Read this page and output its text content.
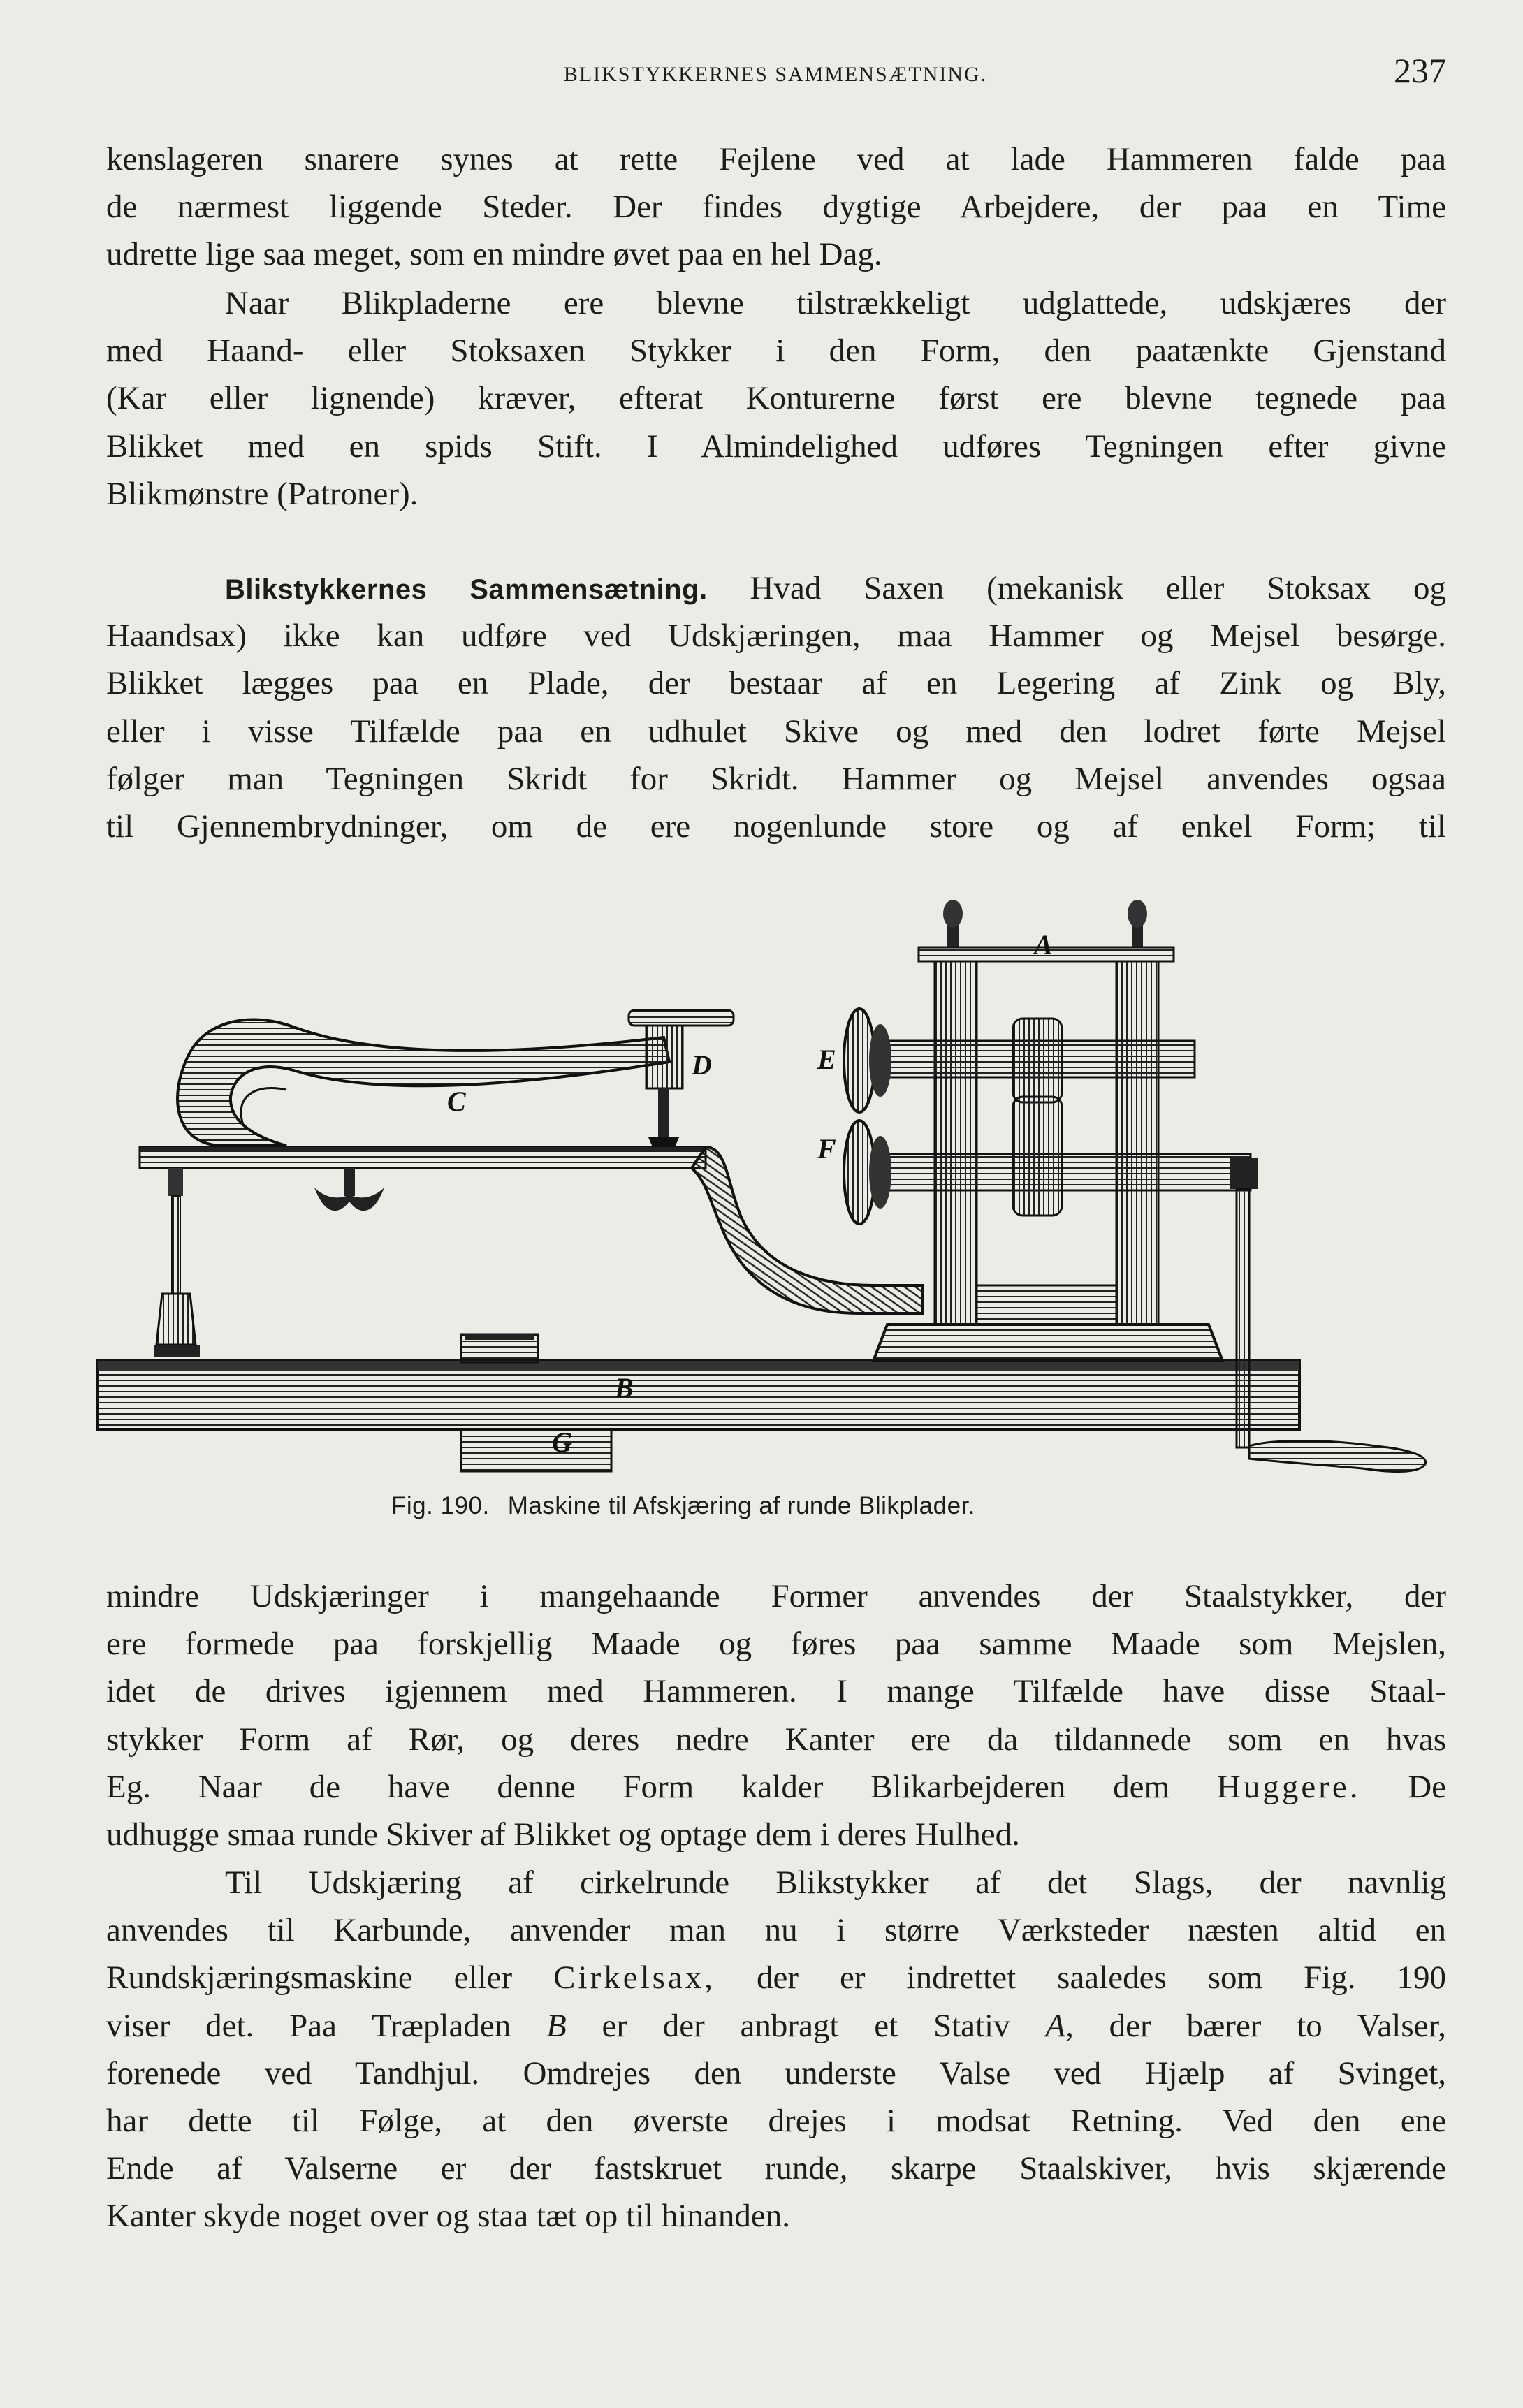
BLIKSTYKKERNES SAMMENSÆTNING.	237
kenslageren snarere synes at rette Fejlene ved at lade Hammeren falde paa
de nærmest liggende Steder. Der findes dygtige Arbejdere, der paa en Time
udrette lige saa meget, som en mindre øvet paa en hel Dag.
Naar Blikpladerne ere blevne tilstrækkeligt udglattede, udskjæres der
med Haand- eller Stoksaxen Stykker i den Form, den paatænkte Gjenstand
(Kar eller lignende) kræver, efterat Konturerne først ere blevne tegnede paa
Blikket med en spids Stift. I Almindelighed udføres Tegningen efter givne
Blikmønstre (Patroner).
Blikstykkernes Sammensætning. Hvad Saxen (mekanisk eller Stoksax og
Haandsax) ikke kan udføre ved Udskjæringen, maa Hammer og Mejsel besørge.
Blikket lægges paa en Plade, der bestaar af en Legering af Zink og Bly,
eller i visse Tilfælde paa en udhulet Skive og med den lodret førte Mejsel
følger man Tegningen Skridt for Skridt. Hammer og Mejsel anvendes ogsaa
til Gjennembrydninger, om de ere nogenlunde store og af enkel Form; til
A
B
C
D	E
F
G
Fig. 190. Maskine til Afskjæring af runde Blikplader.
mindre Udskjæringer i mangehaande Former anvendes der Staalstykker, der
ere formede paa forskjellig Maade og føres paa samme Maade som Mejslen,
idet de drives igjennem med Hammeren. I mange Tilfælde have disse Staal-
stykker Form af Rør, og deres nedre Kanter ere da tildannede som en hvas
Eg. Naar de have denne Form kalder Blikarbejderen dem Huggere. De
udhugge smaa runde Skiver af Blikket og optage dem i deres Hulhed.
Til Udskjæring af cirkelrunde Blikstykker af det Slags, der navnlig
anvendes til Karbunde, anvender man nu i større Værksteder næsten altid en
Rundskjæringsmaskine eller Cirkelsax, der er indrettet saaledes som Fig. 190
viser det. Paa Træpladen B er der anbragt et Stativ A, der bærer to Valser,
forenede ved Tandhjul. Omdrejes den underste Valse ved Hjælp af Svinget,
har dette til Følge, at den øverste drejes i modsat Retning. Ved den ene
Ende af Valserne er der fastskruet runde, skarpe Staalskiver, hvis skjærende
Kanter skyde noget over og staa tæt op til hinanden.
